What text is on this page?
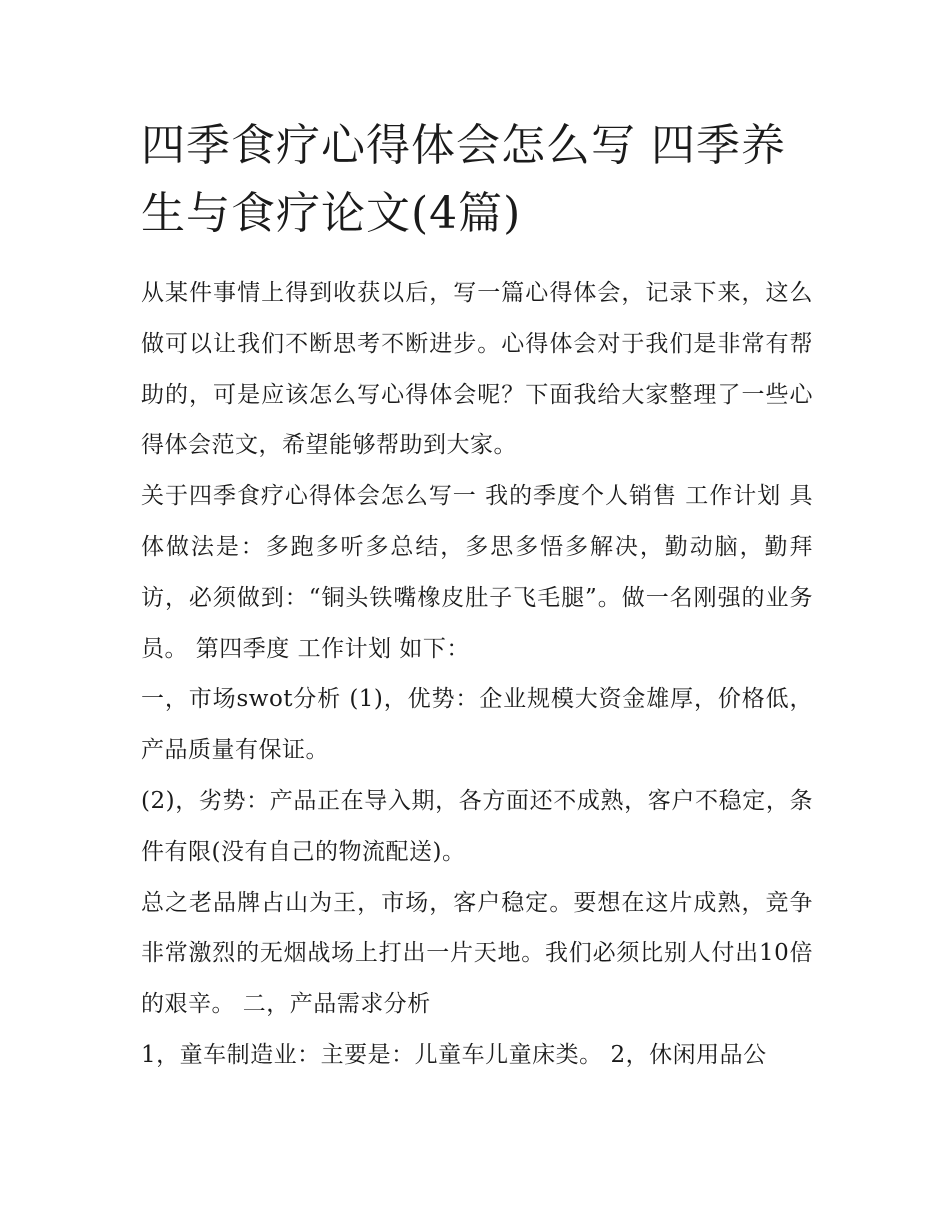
四季食疗心得体会怎么写 四季养生与食疗论文(4篇)

从某件事情上得到收获以后，写一篇心得体会，记录下来，这么做可以让我们不断思考不断进步。心得体会对于我们是非常有帮助的，可是应该怎么写心得体会呢？下面我给大家整理了一些心得体会范文，希望能够帮助到大家。

关于四季食疗心得体会怎么写一 我的季度个人销售 工作计划 具体做法是：多跑多听多总结，多思多悟多解决，勤动脑，勤拜访，必须做到：“铜头铁嘴橡皮肚子飞毛腿”。做一名刚强的业务员。 第四季度 工作计划 如下：

一，市场swot分析 (1)，优势：企业规模大资金雄厚，价格低，产品质量有保证。

(2)，劣势：产品正在导入期，各方面还不成熟，客户不稳定，条件有限(没有自己的物流配送)。

总之老品牌占山为王，市场，客户稳定。要想在这片成熟，竞争非常激烈的无烟战场上打出一片天地。我们必须比别人付出10倍的艰辛。 二，产品需求分析

1，童车制造业：主要是：儿童车儿童床类。 2，休闲用品公
